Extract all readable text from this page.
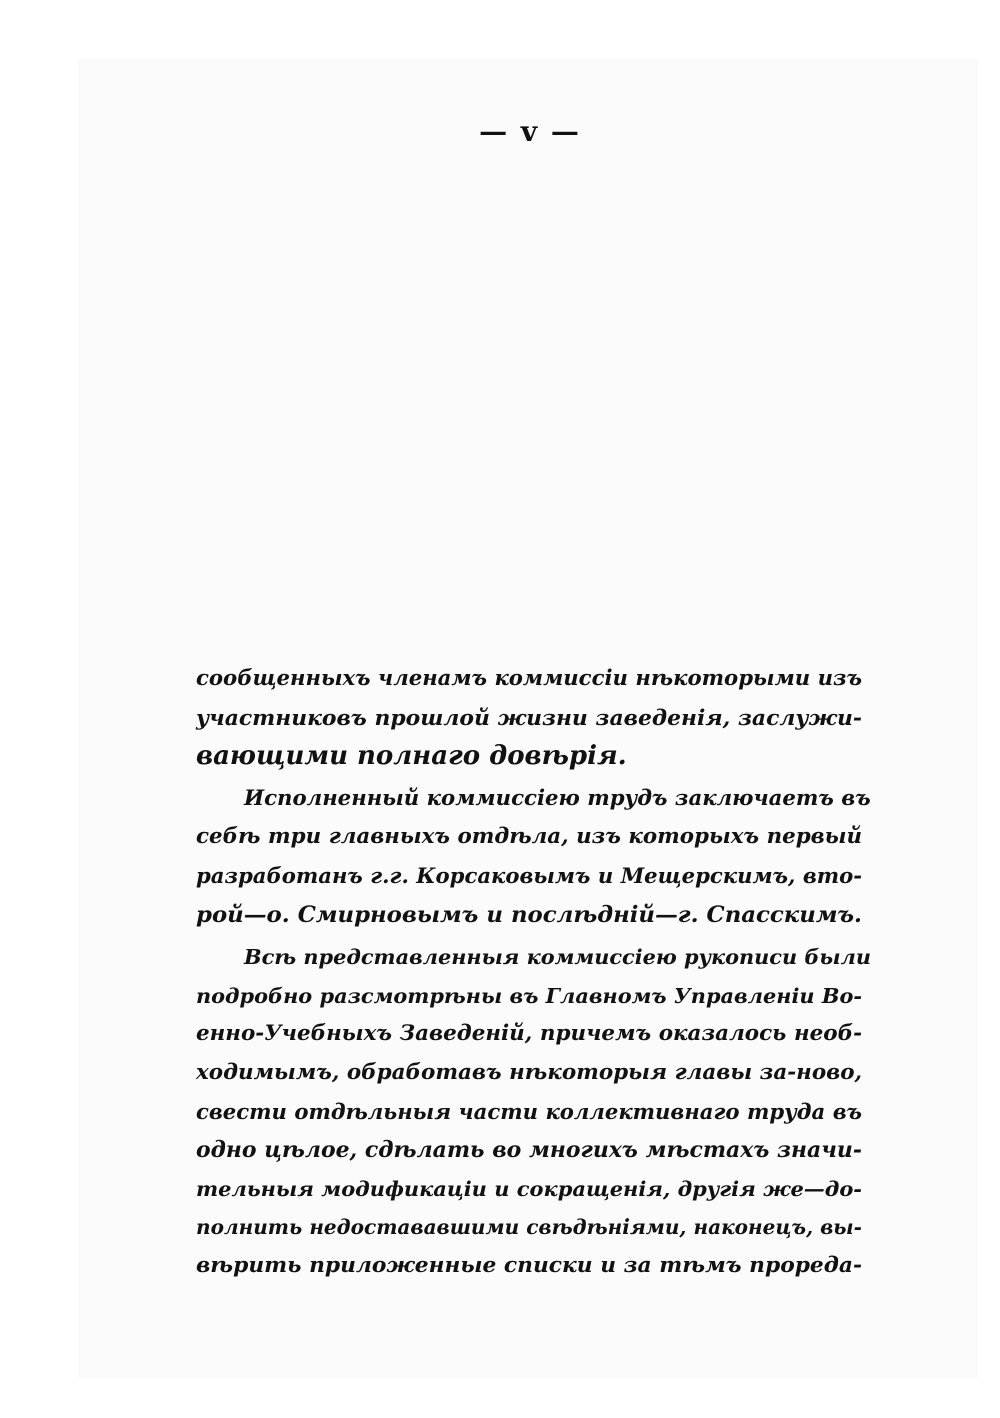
— v —
сообщенныхъ членамъ коммиссіи нѣкоторыми изъ
участниковъ прошлой жизни заведенія, заслужи-
вающими полнаго довѣрія.
Исполненный коммиссіею трудъ заключаетъ въ
себѣ три главныхъ отдѣла, изъ которыхъ первый
разработанъ г.г. Корсаковымъ и Мещерскимъ, вто-
рой—о. Смирновымъ и послѣдній—г. Спасскимъ.
Всѣ представленныя коммиссіею рукописи были
подробно разсмотрѣны въ Главномъ Управленіи Во-
енно-Учебныхъ Заведеній, причемъ оказалось необ-
ходимымъ, обработавъ нѣкоторыя главы за-ново,
свести отдѣльныя части коллективнаго труда въ
одно цѣлое, сдѣлать во многихъ мѣстахъ значи-
тельныя модификаціи и сокращенія, другія же—до-
полнить недостававшими свѣдѣніями, наконецъ, вы-
вѣрить приложенные списки и за тѣмъ прореда-
